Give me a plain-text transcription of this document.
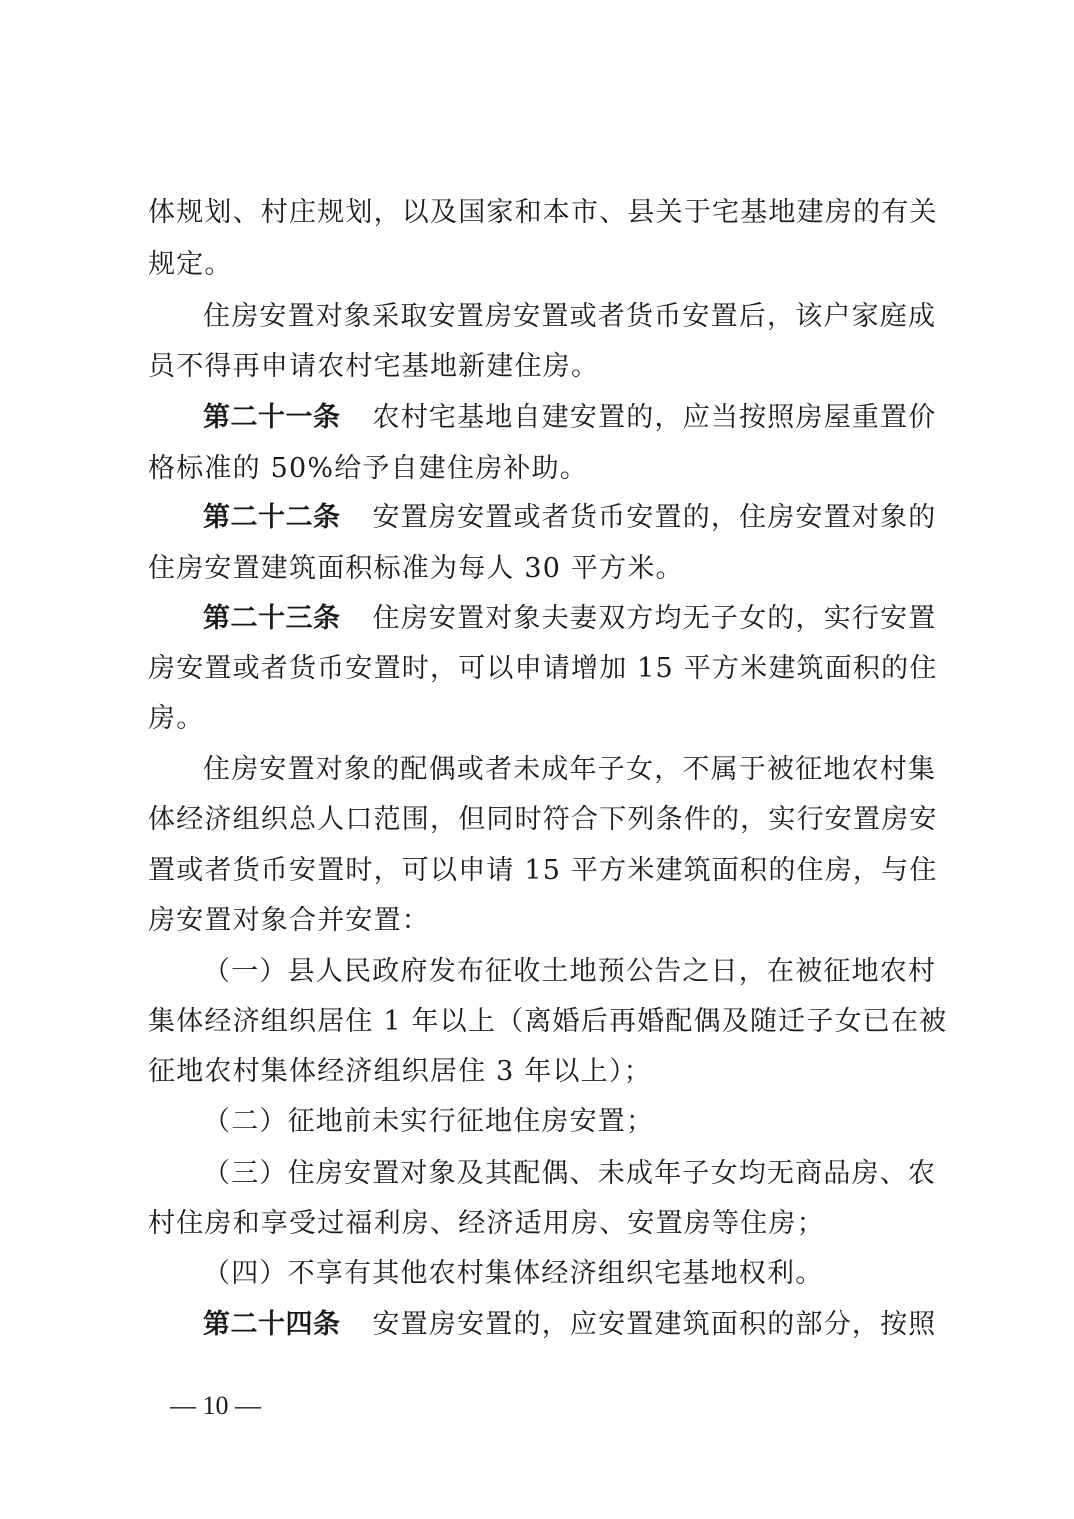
体规划、村庄规划，以及国家和本市、县关于宅基地建房的有关
规定。
住房安置对象采取安置房安置或者货币安置后，该户家庭成
员不得再申请农村宅基地新建住房。
第二十一条 农村宅基地自建安置的，应当按照房屋重置价
格标准的 50%给予自建住房补助。
第二十二条 安置房安置或者货币安置的，住房安置对象的
住房安置建筑面积标准为每人 30 平方米。
第二十三条 住房安置对象夫妻双方均无子女的，实行安置
房安置或者货币安置时，可以申请增加 15 平方米建筑面积的住
房。
住房安置对象的配偶或者未成年子女，不属于被征地农村集
体经济组织总人口范围，但同时符合下列条件的，实行安置房安
置或者货币安置时，可以申请 15 平方米建筑面积的住房，与住
房安置对象合并安置：
（一）县人民政府发布征收土地预公告之日，在被征地农村
集体经济组织居住 1 年以上（离婚后再婚配偶及随迁子女已在被
征地农村集体经济组织居住 3 年以上）；
（二）征地前未实行征地住房安置；
（三）住房安置对象及其配偶、未成年子女均无商品房、农
村住房和享受过福利房、经济适用房、安置房等住房；
（四）不享有其他农村集体经济组织宅基地权利。
第二十四条 安置房安置的，应安置建筑面积的部分，按照
— 10 —
